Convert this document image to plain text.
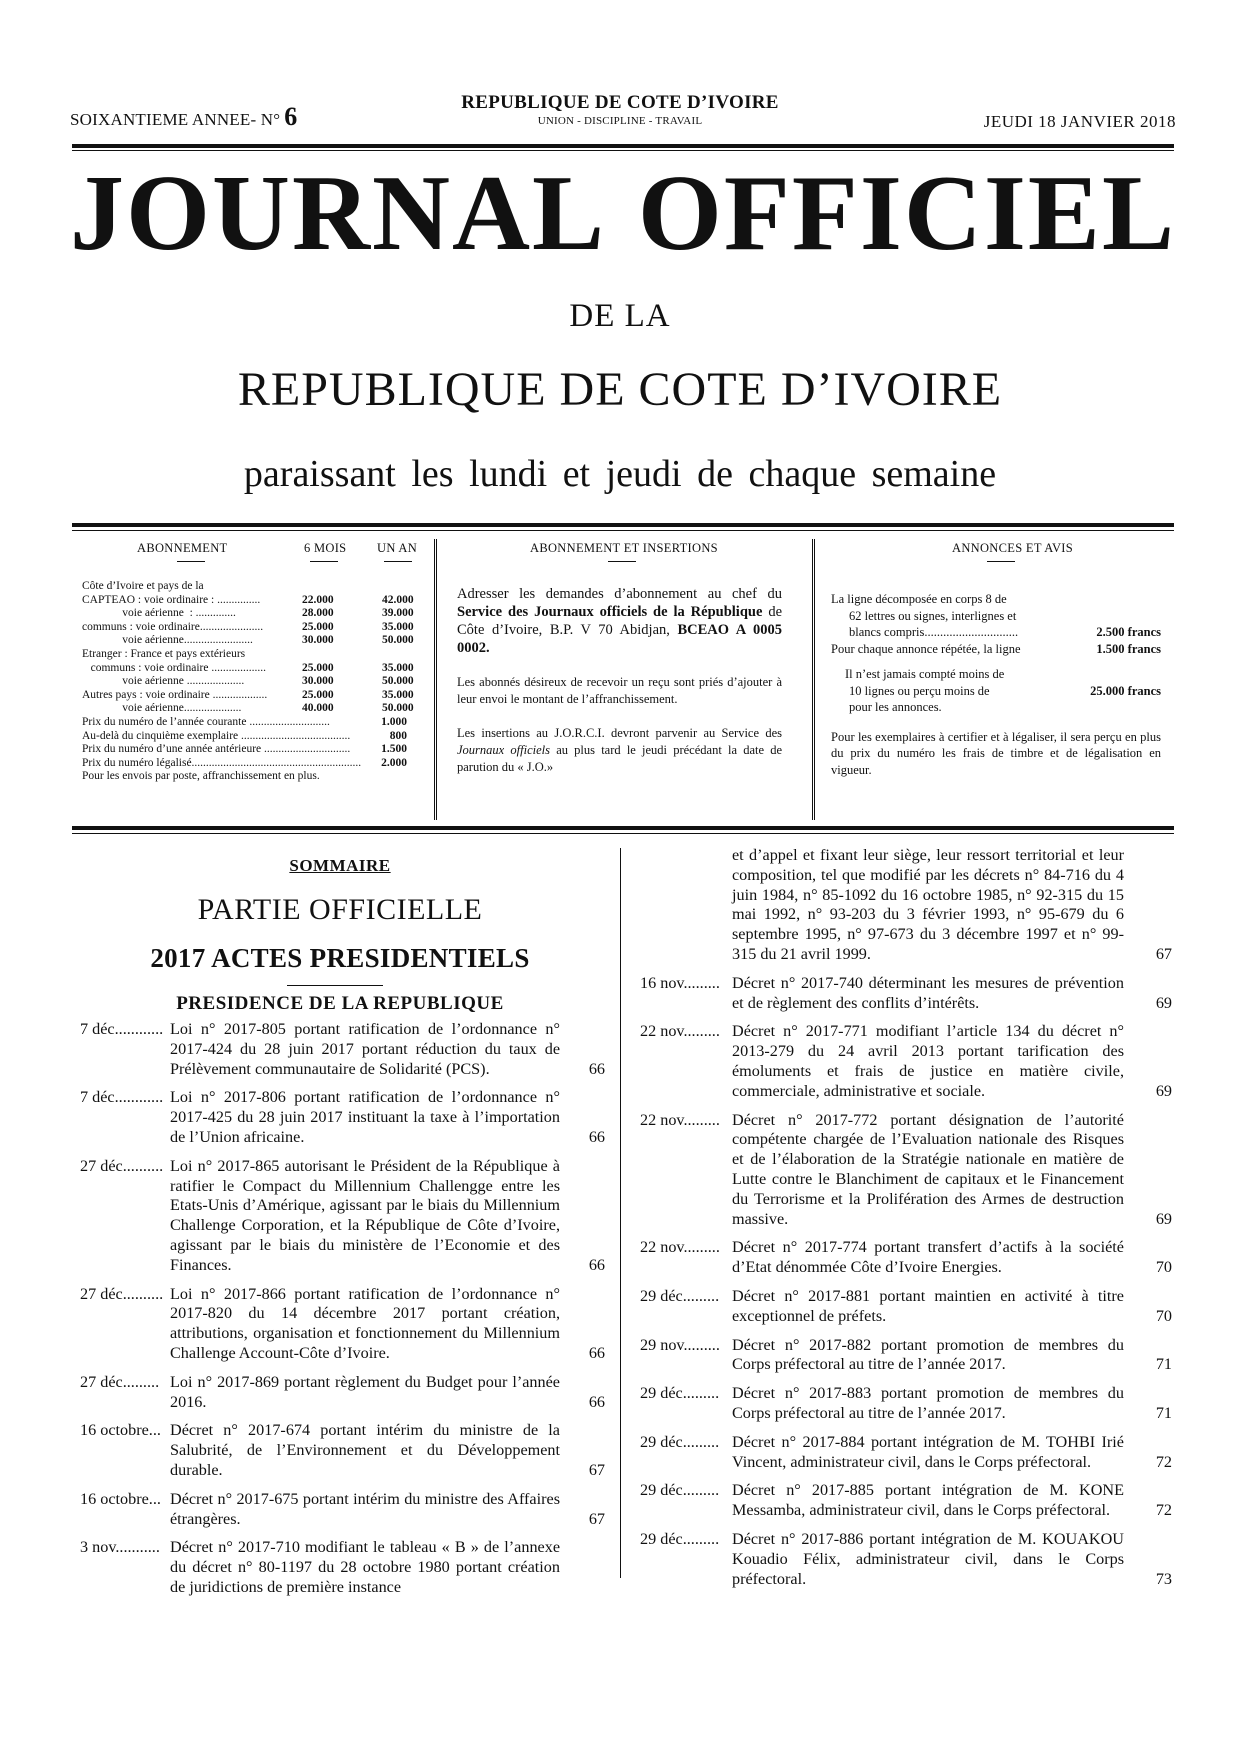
SOIXANTIEME ANNEE- N° 6	REPUBLIQUE DE COTE D’IVOIRE
UNION - DISCIPLINE - TRAVAIL	JEUDI 18 JANVIER 2018
JOURNAL OFFICIEL
DE LA
REPUBLIQUE DE COTE D’IVOIRE
paraissant les lundi et jeudi de chaque semaine
ABONNEMENT	6 MOIS UN AN
Côte d’Ivoire et pays de la
CAPTEAO : voie ordinaire : ...............	22.000	42.000
voie aérienne  : ..............	28.000	39.000
communs : voie ordinaire......................	25.000	35.000
voie aérienne........................	30.000	50.000
Etranger : France et pays extérieurs
communs : voie ordinaire ...................	25.000	35.000
voie aérienne ....................	30.000	50.000
Autres pays : voie ordinaire ...................	25.000	35.000
voie aérienne....................	40.000	50.000
Prix du numéro de l’année courante ............................	1.000
Au-delà du cinquième exemplaire ......................................	800
Prix du numéro d’une année antérieure ..............................	1.500
Prix du numéro légalisé........................................................... 2.000
Pour les envois par poste, affranchissement en plus.
ABONNEMENT ET INSERTIONS
Adresser les demandes d’abonnement au chef du Service des Journaux officiels de la République de Côte d’Ivoire, B.P. V 70 Abidjan, BCEAO A 0005 0002.
Les abonnés désireux de recevoir un reçu sont priés d’ajouter à leur envoi le montant de l’affranchissement.
Les insertions au J.O.R.C.I. devront parvenir au Service des Journaux officiels au plus tard le jeudi précédant la date de parution du « J.O.»
ANNONCES ET AVIS
La ligne décomposée en corps 8 de
62 lettres ou signes, interlignes et
blancs compris..............................	2.500 francs
Pour chaque annonce répétée, la ligne	1.500 francs
Il n’est jamais compté moins de
10 lignes ou perçu moins de	25.000 francs
pour les annonces.
Pour les exemplaires à certifier et à légaliser, il sera perçu en plus du prix du numéro les frais de timbre et de légalisation en vigueur.
SOMMAIRE
PARTIE OFFICIELLE
2017 ACTES PRESIDENTIELS
PRESIDENCE DE LA REPUBLIQUE
7 déc............ Loi n° 2017-805 portant ratification de l’ordonnance n° 2017-424 du 28 juin 2017 portant réduction du taux de Prélèvement communautaire de Solidarité (PCS).	66
7 déc............ Loi n° 2017-806 portant ratification de l’ordonnance n° 2017-425 du 28 juin 2017 instituant la taxe à l’importation de l’Union africaine.	66
27 déc.......... Loi n° 2017-865 autorisant le Président de la République à ratifier le Compact du Millennium Challengge entre les Etats-Unis d’Amérique, agissant par le biais du Millennium Challenge Corporation, et la République de Côte d’Ivoire, agissant par le biais du ministère de l’Economie et des Finances.	66
27 déc.......... Loi n° 2017-866 portant ratification de l’ordonnance n° 2017-820 du 14 décembre 2017 portant création, attributions, organisation et fonctionnement du Millennium Challenge Account-Côte d’Ivoire.	66
27 déc......... Loi n° 2017-869 portant règlement du Budget pour l’année 2016.	66
16 octobre... Décret n° 2017-674 portant intérim du ministre de la Salubrité, de l’Environnement et du Développement durable.	67
16 octobre... Décret n° 2017-675 portant intérim du ministre des Affaires étrangères.	67
3 nov........... Décret n° 2017-710 modifiant le tableau « B » de l’annexe du décret n° 80-1197 du 28 octobre 1980 portant création de juridictions de première instance
et d’appel et fixant leur siège, leur ressort territorial et leur composition, tel que modifié par les décrets n° 84-716 du 4 juin 1984, n° 85-1092 du 16 octobre 1985, n° 92-315 du 15 mai 1992, n° 93-203 du 3 février 1993, n° 95-679 du 6 septembre 1995, n° 97-673 du 3 décembre 1997 et n° 99-315 du 21 avril 1999.	67
16 nov......... Décret n° 2017-740 déterminant les mesures de prévention et de règlement des conflits d’intérêts.	69
22 nov......... Décret n° 2017-771 modifiant l’article 134 du décret n° 2013-279 du 24 avril 2013 portant tarification des émoluments et frais de justice en matière civile, commerciale, administrative et sociale.	69
22 nov......... Décret n° 2017-772 portant désignation de l’autorité compétente chargée de l’Evaluation nationale des Risques et de l’élaboration de la Stratégie nationale en matière de Lutte contre le Blanchiment de capitaux et le Financement du Terrorisme et la Prolifération des Armes de destruction massive.	69
22 nov......... Décret n° 2017-774 portant transfert d’actifs à la société d’Etat dénommée Côte d’Ivoire Energies.	70
29 déc......... Décret n° 2017-881 portant maintien en activité à titre exceptionnel de préfets.	70
29 nov......... Décret n° 2017-882 portant promotion de membres du Corps préfectoral au titre de l’année 2017.	71
29 déc......... Décret n° 2017-883 portant promotion de membres du Corps préfectoral au titre de l’année 2017.	71
29 déc......... Décret n° 2017-884 portant intégration de M. TOHBI Irié Vincent, administrateur civil, dans le Corps préfectoral.	72
29 déc......... Décret n° 2017-885 portant intégration de M. KONE Messamba, administrateur civil, dans le Corps préfectoral.	72
29 déc......... Décret n° 2017-886 portant intégration de M. KOUAKOU Kouadio Félix, administrateur civil, dans le Corps préfectoral.	73
